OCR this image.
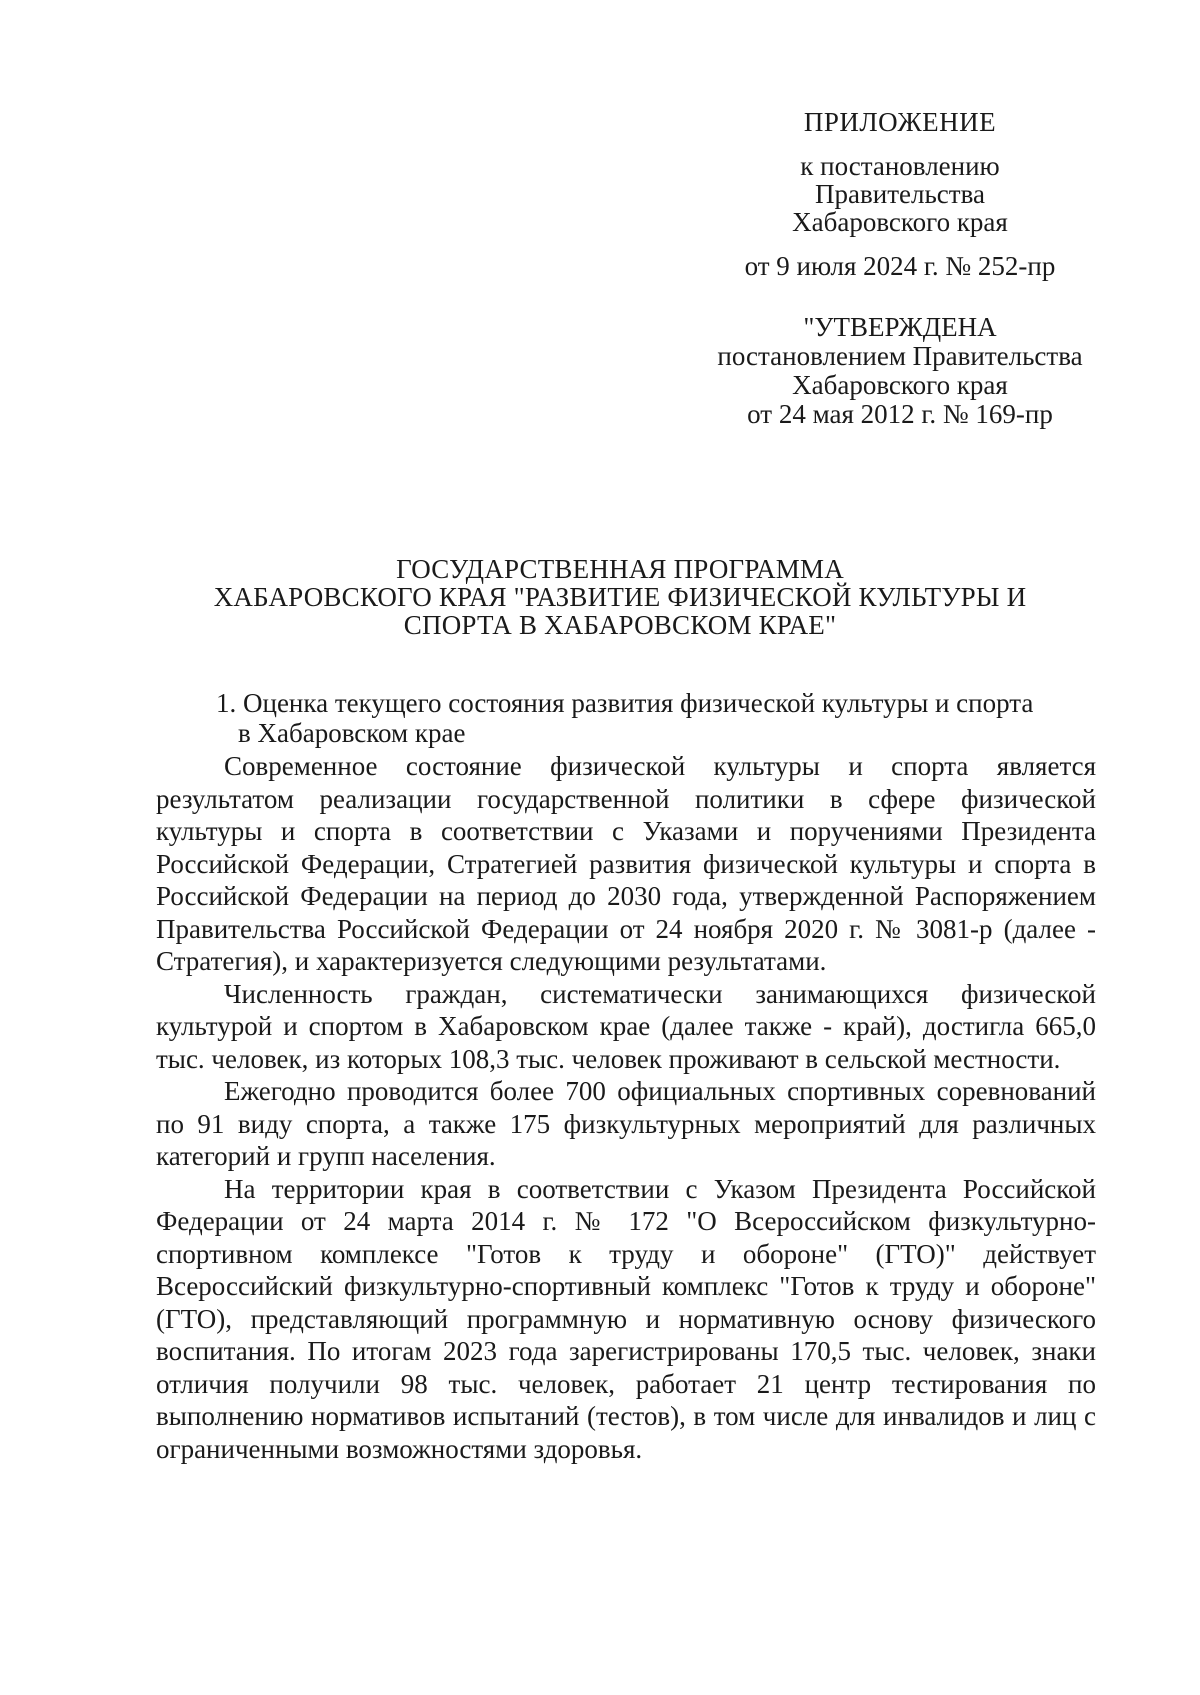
ПРИЛОЖЕНИЕ
к постановлению
Правительства
Хабаровского края
от 9 июля 2024 г. № 252-пр
"УТВЕРЖДЕНА
постановлением Правительства
Хабаровского края
от 24 мая 2012 г. № 169-пр
ГОСУДАРСТВЕННАЯ ПРОГРАММА
ХАБАРОВСКОГО КРАЯ "РАЗВИТИЕ ФИЗИЧЕСКОЙ КУЛЬТУРЫ И
СПОРТА В ХАБАРОВСКОМ КРАЕ"
1. Оценка текущего состояния развития физической культуры и спорта
в Хабаровском крае

Современное состояние физической культуры и спорта является результатом реализации государственной политики в сфере физической культуры и спорта в соответствии с Указами и поручениями Президента Российской Федерации, Стратегией развития физической культуры и спорта в Российской Федерации на период до 2030 года, утвержденной Распоряжением Правительства Российской Федерации от 24 ноября 2020 г. № 3081-р (далее - Стратегия), и характеризуется следующими результатами.

Численность граждан, систематически занимающихся физической культурой и спортом в Хабаровском крае (далее также - край), достигла 665,0 тыс. человек, из которых 108,3 тыс. человек проживают в сельской местности.

Ежегодно проводится более 700 официальных спортивных соревнований по 91 виду спорта, а также 175 физкультурных мероприятий для различных категорий и групп населения.

На территории края в соответствии с Указом Президента Российской Федерации от 24 марта 2014 г. № 172 "О Всероссийском физкультурно-спортивном комплексе "Готов к труду и обороне" (ГТО)" действует Всероссийский физкультурно-спортивный комплекс "Готов к труду и обороне" (ГТО), представляющий программную и нормативную основу физического воспитания. По итогам 2023 года зарегистрированы 170,5 тыс. человек, знаки отличия получили 98 тыс. человек, работает 21 центр тестирования по выполнению нормативов испытаний (тестов), в том числе для инвалидов и лиц с ограниченными возможностями здоровья.
